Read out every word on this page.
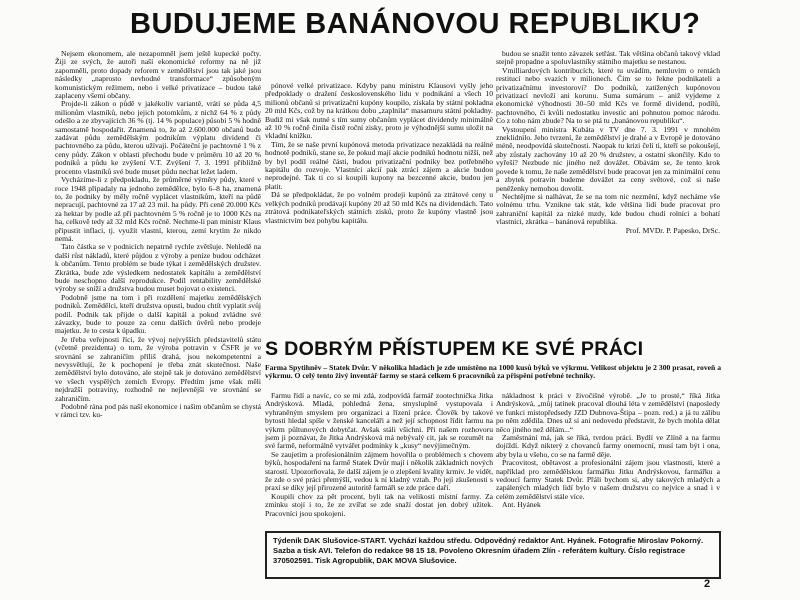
BUDUJEME BANÁNOVOU REPUBLIKU?

Nejsem ekonomem, ale nezapomněl jsem ještě kupecké počty. Žiji ze svých, že autoři naší ekonomické reformy na ně již zapomněli, proto dopady reforem v zemědělství jsou tak jaké jsou následky „naprosto nevhodné transformace“ způsobeným komunistickým režimem, nebo i velké privatizace – budou také zaplaceny všemi občany.

Projde-li zákon o půdě v jakékoliv variantě, vrátí se půda 4,5 milionům vlastníků, nebo jejich potomkům, z nichž 64 % z půdy odešlo a ze zbyvajících 36 % (tj. 14 % populace) působí 5 % hodně samostatně hospodařit. Znamená to, že až 2.600.000 občanů bude zadávat půdu zemědělským podnikům výplatu dividend či pachtovného za půdu, kterou užívají. Počáteční je pachtovné 1 % z ceny půdy. Zákon v oblasti přechodu bude v průměru 10 až 20 % podniků a půdu ke zvýšení V.T. Zvýšení 7. 3. 1991 přibližně procento vlastníků své bude muset půdu nechat ležet ladem.

Vycházíme-li z předpokladu, že průměrné výměry půdy, které v roce 1948 připadaly na jednoho zemědělce, bylo 6–8 ha, znamená to, že podniky by měly ročně vyplácet vlastníkům, kteří na půdě nepracují, pachtovné za 17 až 23 mil. ha půdy. Při ceně 20.000 Kčs za hektar by podle až při pachtovném 5 % ročně je to 1000 Kčs na ha, celkově tedy až 32 mld Kčs ročně. Nechme-li pan ministr Klaus připustit inflaci, tj. využít vlastní, kterou, zemí krytím že nikdo nemá.

Tato částka se v podnicích nepatrně rychle zvětšuje. Nehledě na další růst nákladů, které půjdou z výroby a peníze budou odcházet k občanům. Tento problém se bude týkat i zemědělských družstev. Zkrátka, bude zde výsledkem nedostatek kapitálu a zemědělství bude neschopno další reprodukce. Podíl rentability zemědělské výroby se sníží a družstva budou muset bojovat o existenci.

Podobně jsme na tom i při rozdělení majetku zemědělských podniků. Zemědělci, kteří družstva opustí, budou chtít vyplatit svůj podíl. Podnik tak přijde o další kapitál a pokud zvládne své závazky, bude to pouze za cenu dalších úvěrů nebo prodeje majetku. Je to cesta k úpadku.

Je třeba veřejnosti říci, že vývoj nejvyšších představitelů státu (včetně prezidenta) o tom, že výroba potravin v ČSFR je ve srovnání se zahraničím příliš drahá, jsou nekompetentní a nevysvětlují, že k pochopení je třeba znát skutečnost. Naše zemědělství bylo dotováno, ale stejně tak je dotováno zemědělství ve všech vyspělých zemích Evropy. Předtím jsme však měli nejdražší potraviny, rozhodně ne nejlevnější ve srovnání se zahraničím.

Podobně rána pod pás naší ekonomice i našim občanům se chystá v rámci tzv. ku-

pónové velké privatizace. Kdyby panu ministru Klausovi vyšly jeho předpoklady o dražení československého lidu v podnikání a všech 10 milionů občanů si privatizační kupóny koupilo, získala by státní pokladna 20 mld Kčs, což by na krátkou dobu „zaplnila“ masamuru státní pokladny. Budiž mi však nutné s tím sumy občanům vyplácet dividendy minimálně až 10 % ročně činila čistě roční zisky, proto je výhodnější sumu uložit na vkladní knížku.

Tím, že se naše první kupónová metoda privatizace nezakládá na reálné hodnotě podniků, stane se, že pokud mají akcie podniků hodnotu nižší, než by byl podíl reálné části, budou privatizační podniky bez potřebného kapitálu do rozvoje. Vlastníci akcií pak ztrácí zájem a akcie budou neprodejné. Tak ti co si koupili kupony na bezcenné akcie, budou jen platit.

Dá se předpokládat, že po volném prodeji kupónů za ztrátové ceny u velkých podniků prodávají kupóny 20 až 50 mld Kčs na dividendách. Tato ztrátová podnikateľských státních zisků, proto že kupóny vlastně jsou vlastnictvím bez pohybu kapitálu.

budou se snažit tento závazek setřást. Tak většina občanů takový vklad stejně propadne a spoluvlastníky státního majetku se nestanou.

Vmilliardových kontribucích, které tu uvádím, nemluvím o rentách restitucí nebo svazích v milionech. Čím se to řekne podnikateli a privatizačnímu investorovi? Do podniků, zatížených kupónovou privatizací nevloží ani korunu. Suma sumárum – aniž vyjdeme z ekonomické výhodnosti 30–50 mld Kčs ve formě dividend, podílů, pachtovného, či kvůli nedostatku investic ani pohnutou pomoc národu. Co z toho nám zbude? Na to se ptá tu „banánovou republiku“.

Vystoupení ministra Kubáta v TV dne 7. 3. 1991 v mnohém zneklidnilo. Jeho tvrzení, že zemědělství je drahé a v Evropě je dotováno méně, neodpovídá skutečnosti. Naopak tu krizi čelí ti, kteří se pokoušejí, aby zůstaly zachovány 10 až 20 % družstev, a ostatní skončily. Kdo to vyřeší? Nezbude nic jiného než dovážet. Obávám se, že tento krok povede k tomu, že naše zemědělství bude pracovat jen za minimální cenu a zbytek potravin budeme dovážet za ceny světové, což si naše peněženky nemohou dovolit.

Nechtějme si nalhávat, že se na tom nic nezmění, když necháme vše volnému trhu. Vznikne tak stát, kde většina lidí bude pracovat pro zahraniční kapitál za nízké mzdy, kde budou chudí rolníci a bohatí vlastníci, zkrátka – banánová republika.

Prof. MVDr. P. Papesko, DrSc.

S DOBRÝM PŘÍSTUPEM KE SVÉ PRÁCI
Farma Spytihněv – Statek Dvůr. V několika hladách je zde umístěno na 1000 kusů býků ve výkrmu. Velikost objektu je 2 300 prasat, roveň a výkrmu. O celý tento živý inventář farmy se stará celkem 6 pracovníků za přispění potřebné techniky.

Farmu řídí a navíc, co se mi zdá, zodpovídá farmář zootechnička Jitka Andrýsková. Mladá, pohledná žena, smysluplně vystupovala i vyhraněným smyslem pro organizaci a řízení práce. Člověk by takové bytosti hledal spíše v ženské kanceláři a než její schopnost řídit farmu na výkrm půltunových dobytčat. Avšak stáli všichni. Při našem rozhovoru jsem ji poznávat, že Jitka Andrýsková má nebývalý cit, jak se rozumět na své farmě, neformálně vytvářet podmínky k „kusy“ nevýjimečným.

Se zaujetím a profesionálním zájmem hovořila o problémech s chovem býků, hospodaření na farmě Statek Dvůr mají i několik základních nových starostí. Upozorňovala, že další zájem je o zlepšení kvality krmiv. Je vidět, že zde o své práci přemýšlí, vedou k ní kladný vztah. Po její zkušenosti s praxí se díky její přirozené autoritě farmáři se zde práce daří.

Koupili chov za pět procent, byli tak na velikosti místní farmy. Za zmínku stojí i to, že ze zvířat se zde snaží dostat jen dobrý užitek. Pracovníci jsou spokojeni.

nákladnost k práci v živočišné výrobě. „Je to prosté,“ říká Jitka Andrýsková, „můj tatínek pracoval dlouhá léta v zemědělství (naposledy ve funkci místopředsedy JZD Dubnova-Štípa – pozn. red.) a já tu zálibu po něm zdědila. Dnes už si ani nedovedu představit, že bych mohla dělat něco jiného než dělám...“

Zaměstnání má, jak se říká, tvrdou práci. Bydlí ve Zlíně a na farmu dojíždí. Když nikterý z chovanců farmy onemocní, musí tam být i ona, aby byla u všeho, co se na farmě děje.

Pracovitost, obětavost a profesionální zájem jsou vlastnosti, které a například pro zemědělskou farmářku Jitku Andrýskovou, farmářku a vedoucí farmy Statek Dvůr. Přáli bychom si, aby takových mladých a zapálených mladých lidí bylo v našem družstvu co nejvíce a snad i v celém zemědělství stále více.

Ant. Hyánek

Týdeník DAK Slušovice-START. Vychází každou středu. Odpovědný redaktor Ant. Hyánek. Fotografie Miroslav Pokorný. Sazba a tisk AVI. Telefon do redakce 98 15 18. Povoleno Okresním úřadem Zlín - referátem kultury. Číslo registrace 370502591. Tisk Agropublik, DAK MOVA Slušovice.
2
